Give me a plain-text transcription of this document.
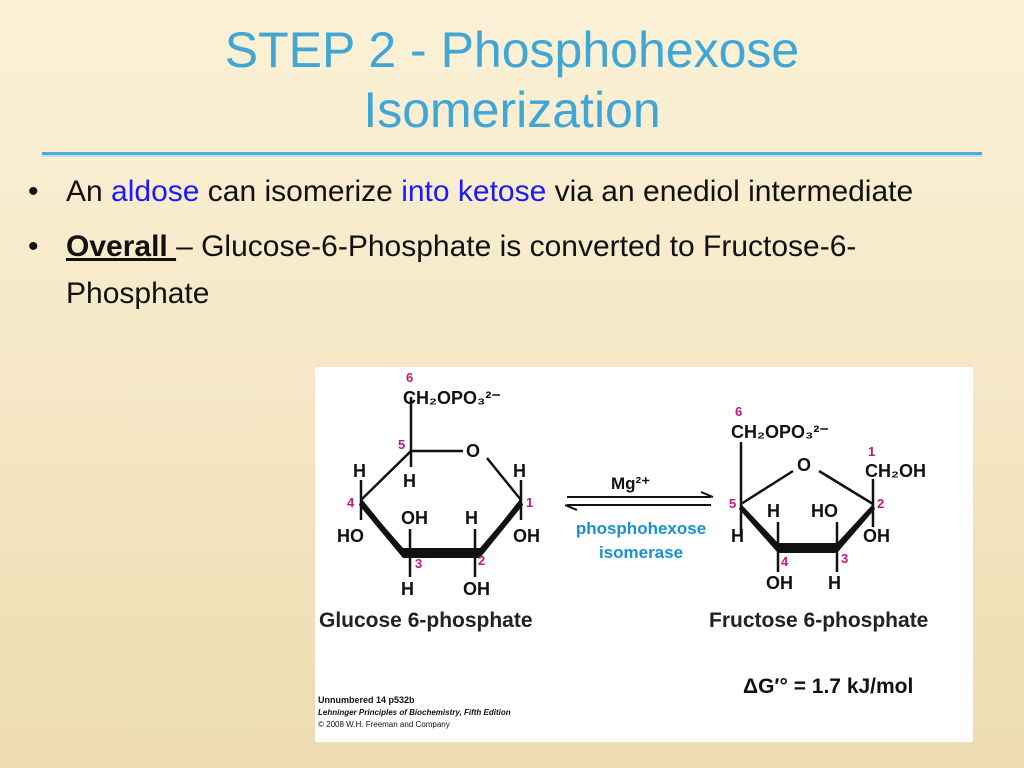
STEP 2 - Phosphohexose
Isomerization
• An aldose can isomerize into ketose via an enediol intermediate
• Overall – Glucose-6-Phosphate is converted to Fructose-6-Phosphate
CH₂OPO₃²⁻
O
H H	H
HO
OH H
OH
H	OH
6
5
4
3	2
1
Glucose 6-phosphate
Mg²⁺
phosphohexose
isomerase
CH₂OPO₃²⁻
O	CH₂OH
H HO
H	OH
OH H
6
5
4	3
2
1
Fructose 6-phosphate
ΔG′° = 1.7 kJ/mol
Unnumbered 14 p532b
Lehninger Principles of Biochemistry, Fifth Edition
© 2008 W.H. Freeman and Company
